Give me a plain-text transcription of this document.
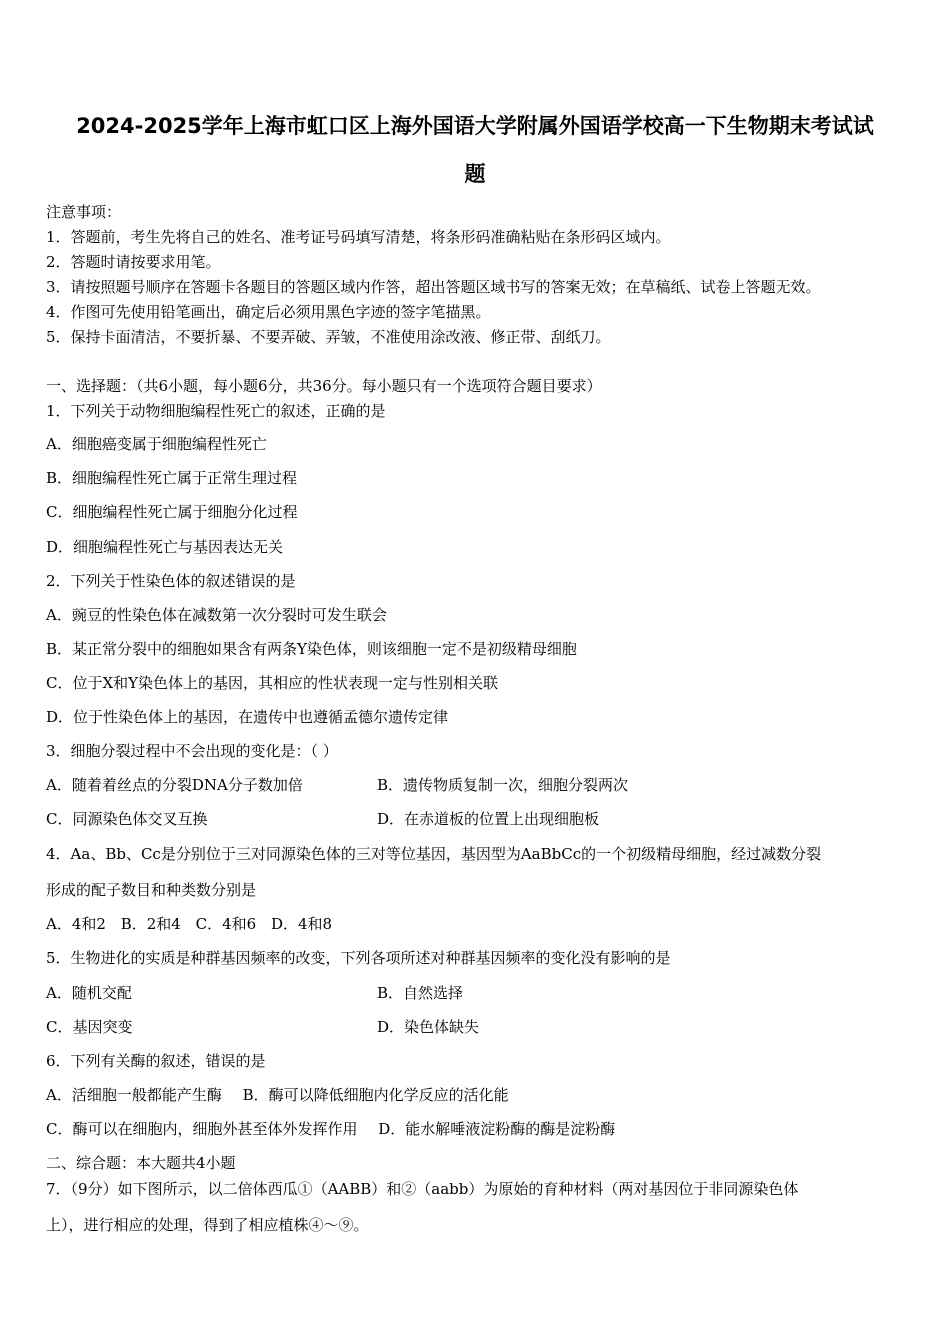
2024-2025学年上海市虹口区上海外国语大学附属外国语学校高一下生物期末考试试
题
注意事项：
1．答题前，考生先将自己的姓名、准考证号码填写清楚，将条形码准确粘贴在条形码区域内。
2．答题时请按要求用笔。
3．请按照题号顺序在答题卡各题目的答题区域内作答，超出答题区域书写的答案无效；在草稿纸、试卷上答题无效。
4．作图可先使用铅笔画出，确定后必须用黑色字迹的签字笔描黑。
5．保持卡面清洁，不要折暴、不要弄破、弄皱，不准使用涂改液、修正带、刮纸刀。
一、选择题：（共6小题，每小题6分，共36分。每小题只有一个选项符合题目要求）
1．下列关于动物细胞编程性死亡的叙述，正确的是
A．细胞癌变属于细胞编程性死亡
B．细胞编程性死亡属于正常生理过程
C．细胞编程性死亡属于细胞分化过程
D．细胞编程性死亡与基因表达无关
2．下列关于性染色体的叙述错误的是
A．豌豆的性染色体在减数第一次分裂时可发生联会
B．某正常分裂中的细胞如果含有两条Y染色体，则该细胞一定不是初级精母细胞
C．位于X和Y染色体上的基因，其相应的性状表现一定与性别相关联
D．位于性染色体上的基因，在遗传中也遵循孟德尔遗传定律
3．细胞分裂过程中不会出现的变化是：（ ）
A．随着着丝点的分裂DNA分子数加倍	B．遗传物质复制一次，细胞分裂两次
C．同源染色体交叉互换	D．在赤道板的位置上出现细胞板
4．Aa、Bb、Cc是分别位于三对同源染色体的三对等位基因，基因型为AaBbCc的一个初级精母细胞，经过减数分裂
形成的配子数目和种类数分别是
A．4和2 B．2和4 C．4和6 D．4和8
5．生物进化的实质是种群基因频率的改变，下列各项所述对种群基因频率的变化没有影响的是
A．随机交配	B．自然选择
C．基因突变	D．染色体缺失
6．下列有关酶的叙述，错误的是
A．活细胞一般都能产生酶 B．酶可以降低细胞内化学反应的活化能
C．酶可以在细胞内，细胞外甚至体外发挥作用 D．能水解唾液淀粉酶的酶是淀粉酶
二、综合题：本大题共4小题
7．（9分）如下图所示，以二倍体西瓜①（AABB）和②（aabb）为原始的育种材料（两对基因位于非同源染色体
上），进行相应的处理，得到了相应植株④～⑨。
